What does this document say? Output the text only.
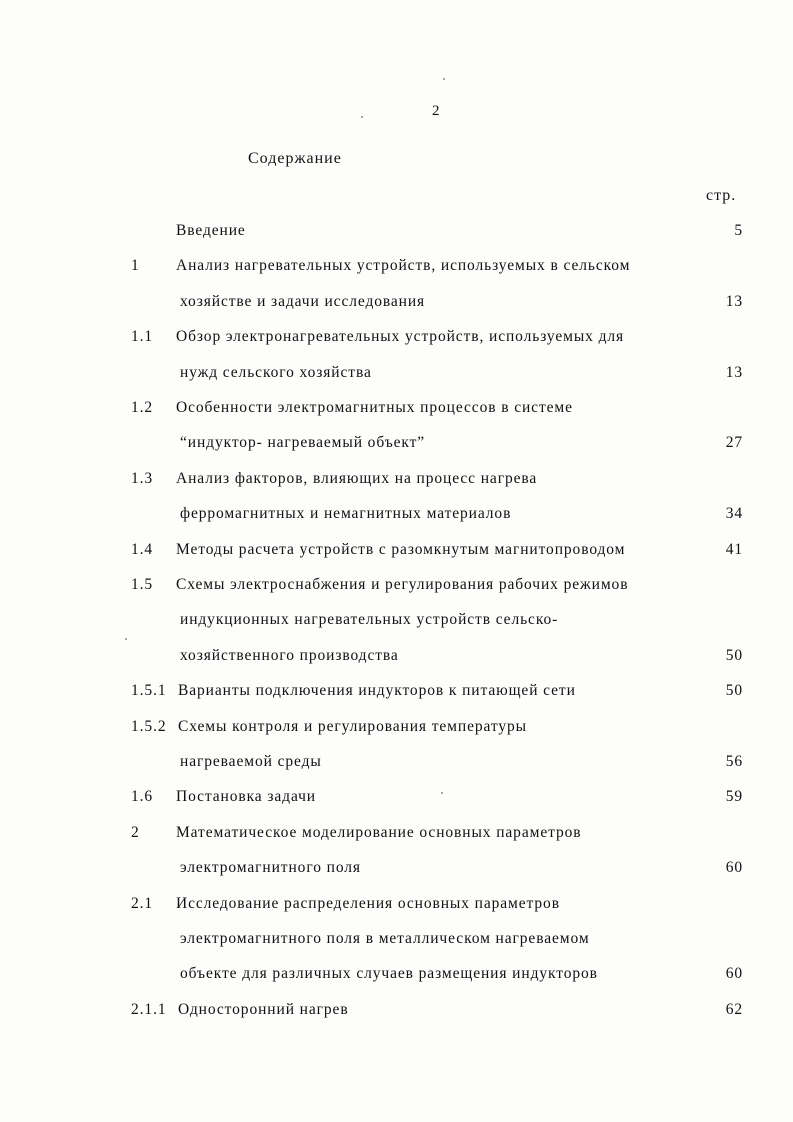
2
Содержание
стр.
Введение	5
1 Анализ нагревательных устройств, используемых в сельском
хозяйстве и задачи исследования	13
1.1 Обзор электронагревательных устройств, используемых для
нужд сельского хозяйства	13
1.2 Особенности электромагнитных процессов в системе
“индуктор- нагреваемый объект”	27
1.3 Анализ факторов, влияющих на процесс нагрева
ферромагнитных и немагнитных материалов	34
1.4 Методы расчета устройств с разомкнутым магнитопроводом	41
1.5 Схемы электроснабжения и регулирования рабочих режимов
индукционных нагревательных устройств сельско-
хозяйственного производства	50
1.5.1 Варианты подключения индукторов к питающей сети	50
1.5.2 Схемы контроля и регулирования температуры
нагреваемой среды	56
1.6 Постановка задачи	59
2 Математическое моделирование основных параметров
электромагнитного поля	60
2.1 Исследование распределения основных параметров
электромагнитного поля в металлическом нагреваемом
объекте для различных случаев размещения индукторов	60
2.1.1 Односторонний нагрев	62
